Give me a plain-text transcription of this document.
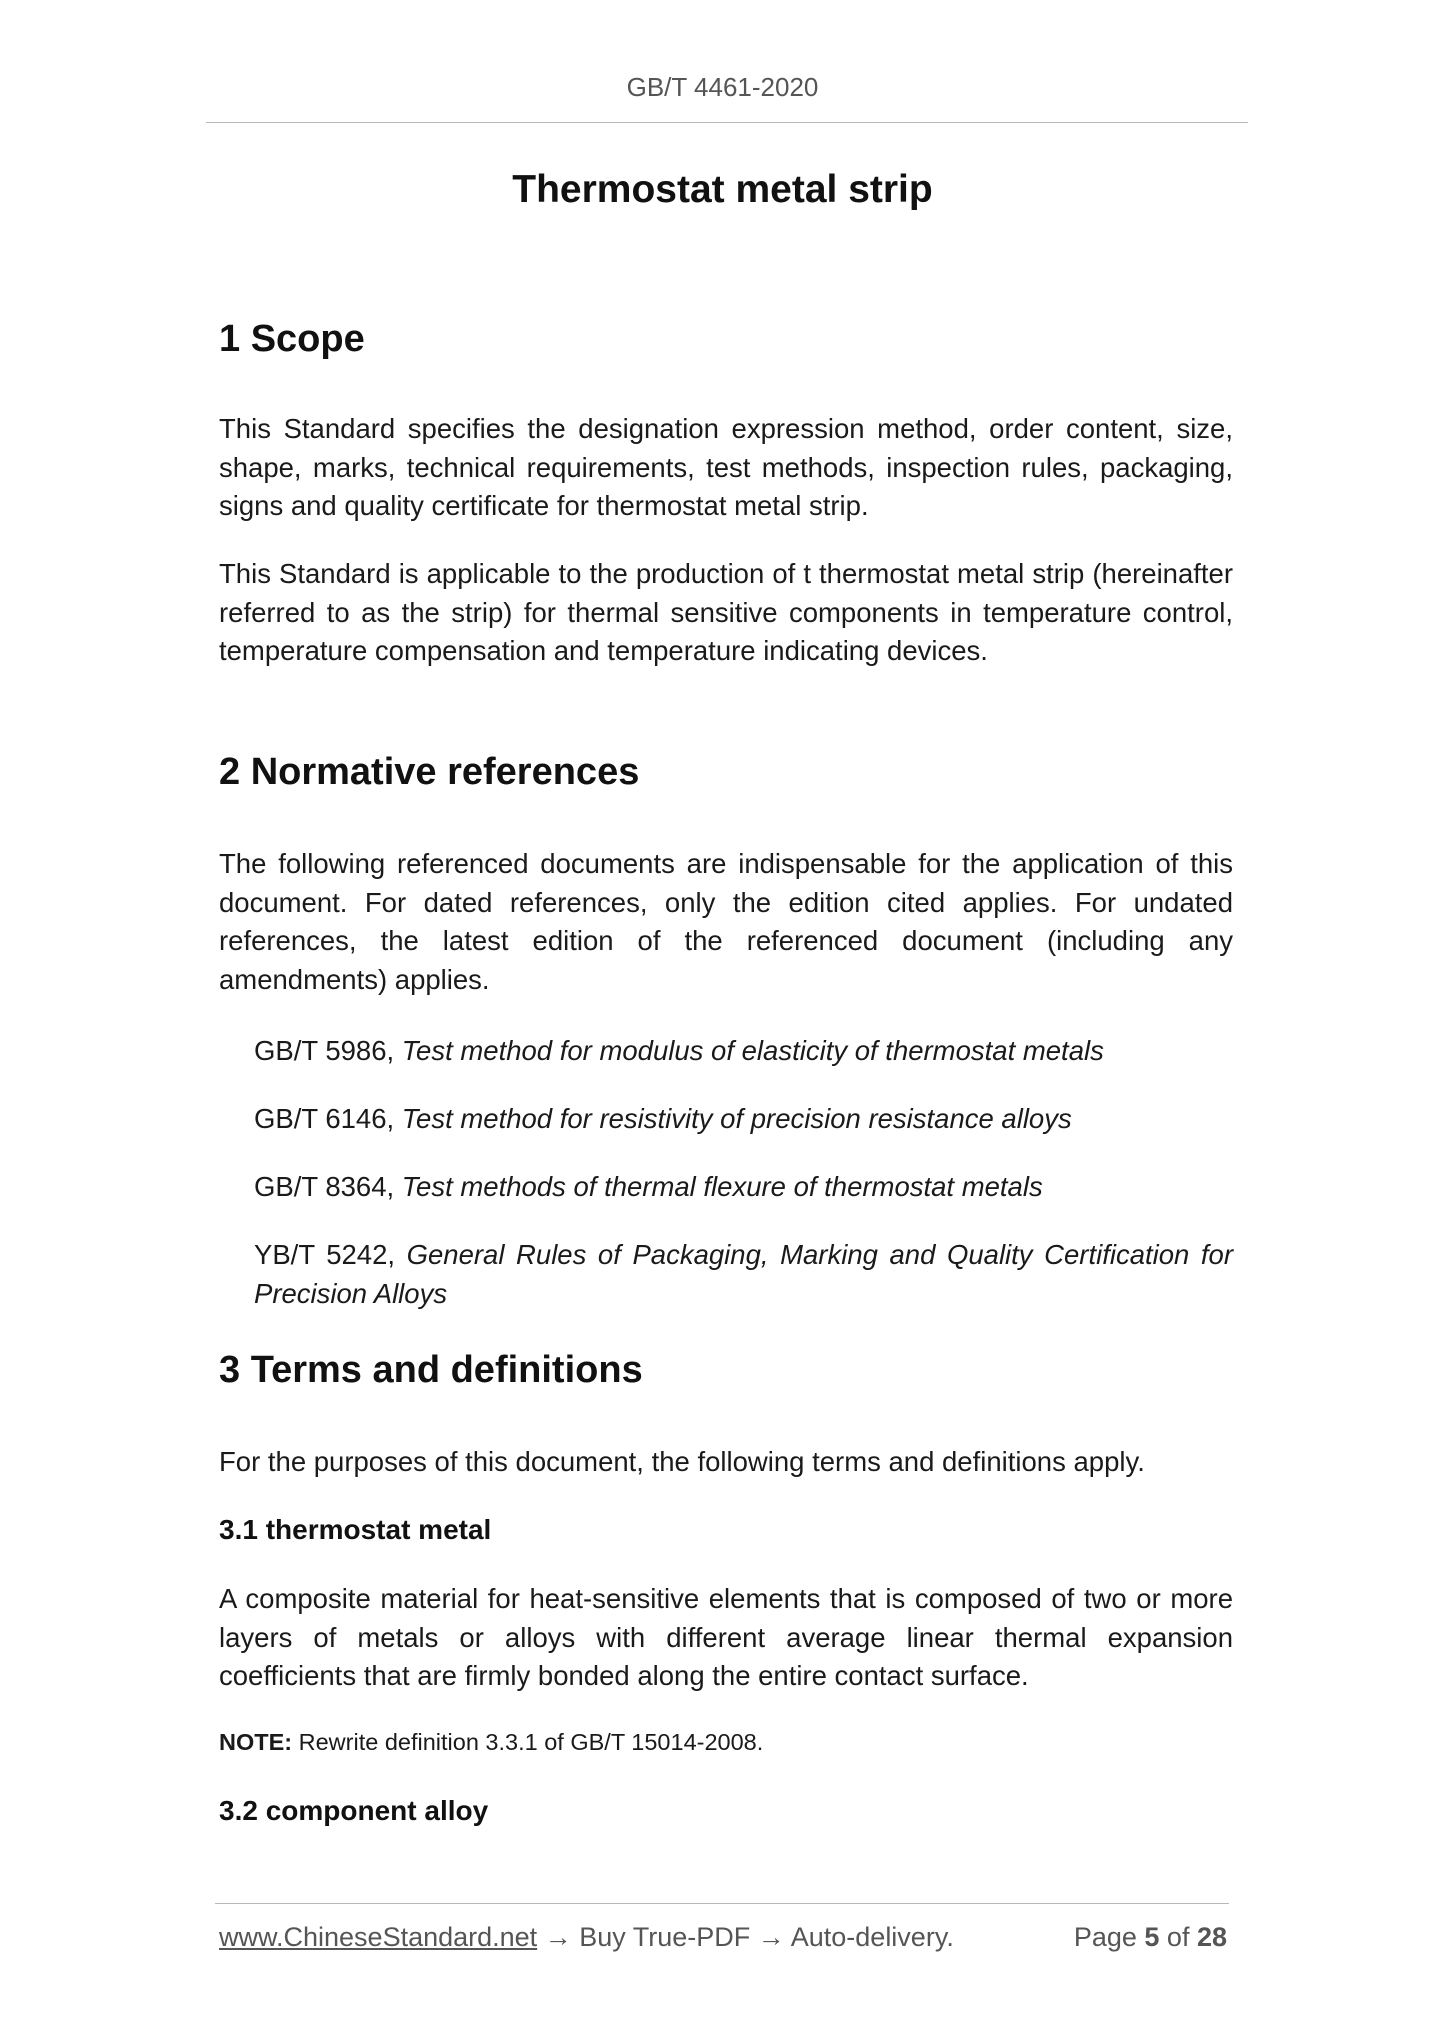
GB/T 4461-2020
Thermostat metal strip
1 Scope

This Standard specifies the designation expression method, order content, size, shape, marks, technical requirements, test methods, inspection rules, packaging, signs and quality certificate for thermostat metal strip.

This Standard is applicable to the production of t thermostat metal strip (hereinafter referred to as the strip) for thermal sensitive components in temperature control, temperature compensation and temperature indicating devices.

2 Normative references

The following referenced documents are indispensable for the application of this document. For dated references, only the edition cited applies. For undated references, the latest edition of the referenced document (including any amendments) applies.

GB/T 5986, Test method for modulus of elasticity of thermostat metals

GB/T 6146, Test method for resistivity of precision resistance alloys

GB/T 8364, Test methods of thermal flexure of thermostat metals

YB/T 5242, General Rules of Packaging, Marking and Quality Certification for Precision Alloys

3 Terms and definitions

For the purposes of this document, the following terms and definitions apply.

3.1 thermostat metal

A composite material for heat-sensitive elements that is composed of two or more layers of metals or alloys with different average linear thermal expansion coefficients that are firmly bonded along the entire contact surface.

NOTE: Rewrite definition 3.3.1 of GB/T 15014-2008.

3.2 component alloy
www.ChineseStandard.net → Buy True-PDF → Auto-delivery.	Page 5 of 28
